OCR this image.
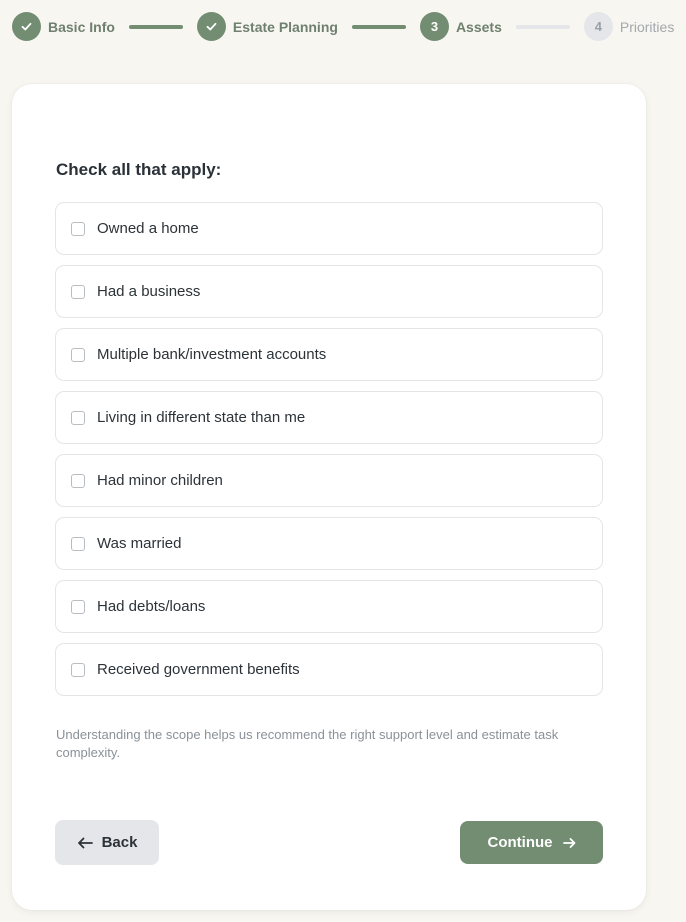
Basic Info	Estate Planning	3	Assets	4	Priorities
Check all that apply:
Owned a home
Had a business
Multiple bank/investment accounts
Living in different state than me
Had minor children
Was married
Had debts/loans
Received government benefits

Understanding the scope helps us recommend the right support level and estimate task complexity.

Back	Continue
